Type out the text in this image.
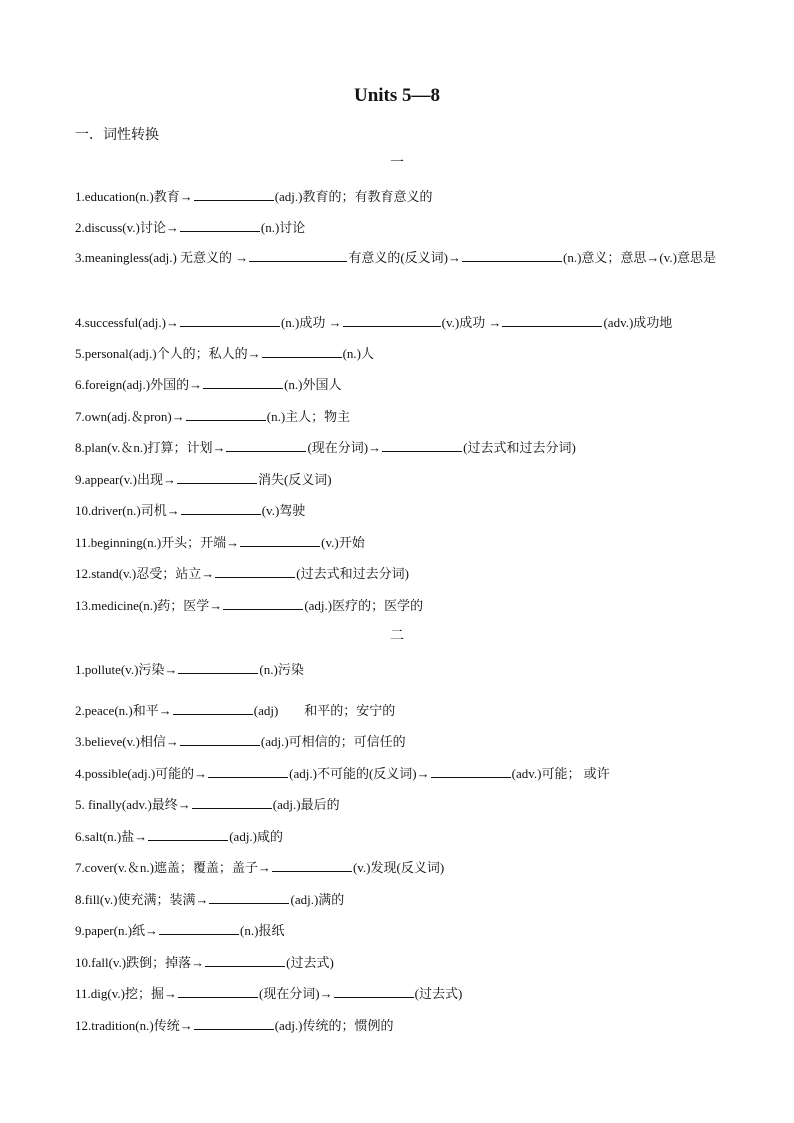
Units 5—8
一．词性转换
一
1.education(n.)教育→	(adj.)教育的；有教育意义的
2.discuss(v.)讨论→	(n.)讨论
3.meaningless(adj.) 无意义的 →	有意义的(反义词)→	(n.)意义；意思→(v.)意思是
4.successful(adj.)→	(n.)成功 →	(v.)成功 →	(adv.)成功地
5.personal(adj.)个人的；私人的→	(n.)人
6.foreign(adj.)外国的→	(n.)外国人
7.own(adj.＆pron)→	(n.)主人；物主
8.plan(v.＆n.)打算；计划→	(现在分词)→	(过去式和过去分词)
9.appear(v.)出现→	消失(反义词)
10.driver(n.)司机→	(v.)驾驶
11.beginning(n.)开头；开端→	(v.)开始
12.stand(v.)忍受；站立→	(过去式和过去分词)
13.medicine(n.)药；医学→	(adj.)医疗的；医学的
二
1.pollute(v.)污染→	(n.)污染
2.peace(n.)和平→	(adj) 和平的；安宁的
3.believe(v.)相信→	(adj.)可相信的；可信任的
4.possible(adj.)可能的→	(adj.)不可能的(反义词)→	(adv.)可能； 或许
5. finally(adv.)最终→	(adj.)最后的
6.salt(n.)盐→	(adj.)咸的
7.cover(v.＆n.)遮盖；覆盖；盖子→	(v.)发现(反义词)
8.fill(v.)使充满；装满→	(adj.)满的
9.paper(n.)纸→	(n.)报纸
10.fall(v.)跌倒；掉落→	(过去式)
11.dig(v.)挖；掘→	(现在分词)→	(过去式)
12.tradition(n.)传统→	(adj.)传统的；惯例的
